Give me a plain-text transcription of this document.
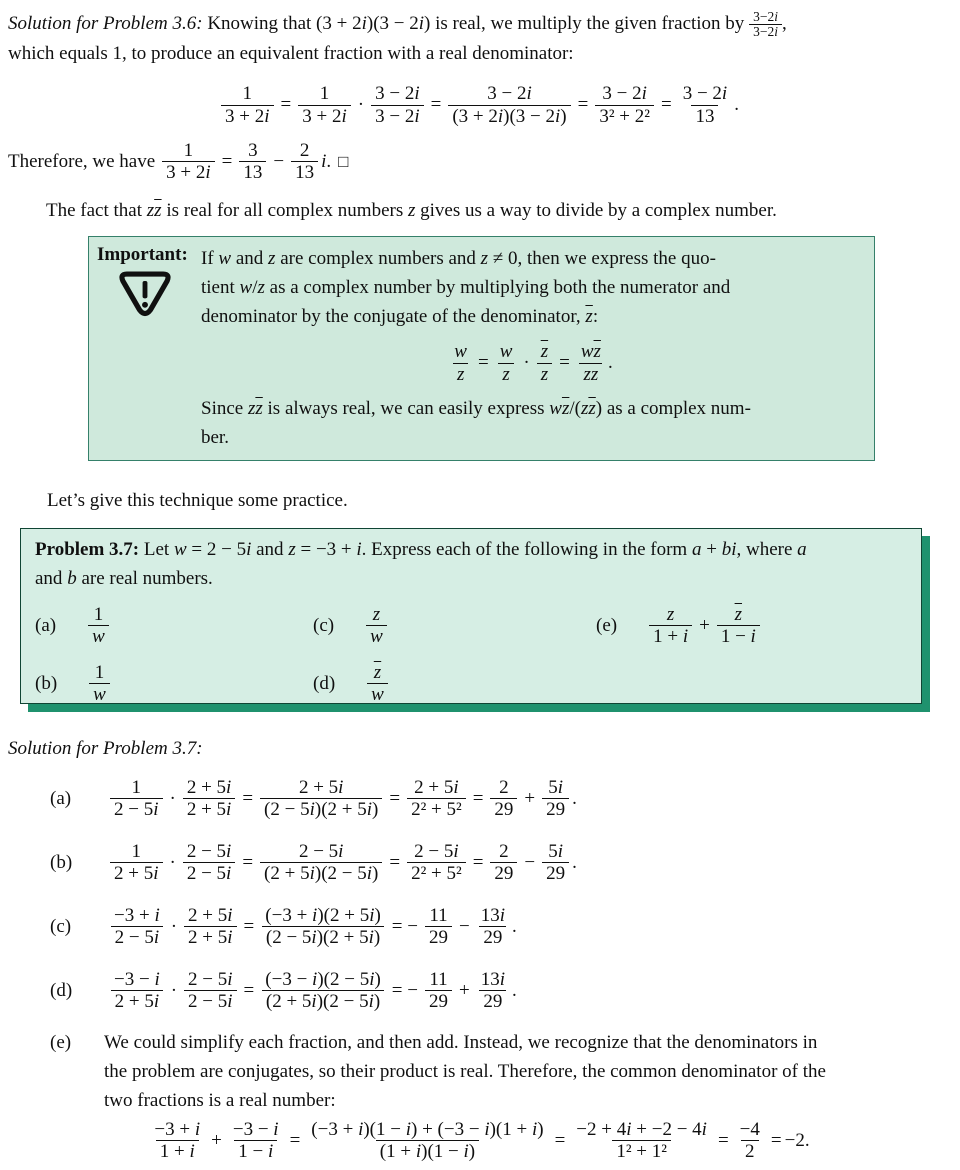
Solution for Problem 3.6: Knowing that (3 + 2i)(3 − 2i) is real, we multiply the given fraction by $\frac{3-2i}{3-2i}$ ,
which equals 1, to produce an equivalent fraction with a real denominator:

$\frac{1}{3 + 2i} = \frac{1}{3 + 2i} \cdot \frac{3 - 2i}{3 - 2i} = \frac{3 - 2i}{(3 + 2i)(3 - 2i)} = \frac{3 - 2i}{\text{3² + 2²}} = \frac{3 - 2i}{13}$ .
Therefore, we have $\frac{1}{3 + 2i} = \frac{3}{13} - \frac{2}{13} i$. □

The fact that $z\overline{z}$ is real for all complex numbers z gives us a way to divide by a complex number.

Important: If w and z are complex numbers and z ≠ 0, then we express the quo-
tient w/z as a complex number by multiplying both the numerator and
denominator by the conjugate of the denominator, $\overline{z}$:

$\frac{w}{z} = \frac{w}{z} \cdot \frac{\overline{z}}{z} = \frac{w\overline{z}}{z\overline{z}}$ .

Since $z\overline{z}$ is always real, we can easily express $w\overline{z}/(z\overline{z})$ as a complex num-
ber.

Let’s give this technique some practice.

Problem 3.7: Let w = 2 − 5i and z = −3 + i. Express each of the following in the form a + bi, where a
and b are real numbers.

(a)
1
w
(c)
z
w
(e)
z
1 + i
+ $\frac{\overline{z}}{1 - i}$
(b)
1
$\overline{w}$
(d)
$\overline{z}$
$\overline{w}$

Solution for Problem 3.7:

(a)
1
2 − 5i
· $\frac{2 + 5i}{2 + 5i} = \frac{2 + 5i}{(2 - 5i)(2 + 5i)} = \frac{2 + 5i}{\text{2² + 5²}} = \frac{2}{29} + \frac{5i}{29}$ .
(b)
1
2 + 5i
· $\frac{2 - 5i}{2 - 5i} = \frac{2 - 5i}{(2 + 5i)(2 - 5i)} = \frac{2 - 5i}{\text{2² + 5²}} = \frac{2}{29} - \frac{5i}{29}$ .
(c)
−3 + i
2 − 5i
· $\frac{2 + 5i}{2 + 5i} = \frac{(-3 + i)(2 + 5i)}{(2 - 5i)(2 + 5i)}$ = − $\frac{11}{29} - \frac{13i}{29}$ .
(d)
−3 − i
2 + 5i
· $\frac{2 - 5i}{2 - 5i} = \frac{(-3 - i)(2 - 5i)}{(2 + 5i)(2 - 5i)}$ = − $\frac{11}{29} + \frac{13i}{29}$ .
(e)	We could simplify each fraction, and then add. Instead, we recognize that the denominators in
the problem are conjugates, so their product is real. Therefore, the common denominator of the
two fractions is a real number:

−3 + i
1 + i
+ $\frac{-3 - i}{1 - i} = \frac{(-3 + i)(1 - i) + (-3 - i)(1 + i)}{(1 + i)(1 - i)} = \frac{-2 + 4i + -2 - 4i}{\text{1² + 1²}} = \frac{-4}{2} = -2$.
